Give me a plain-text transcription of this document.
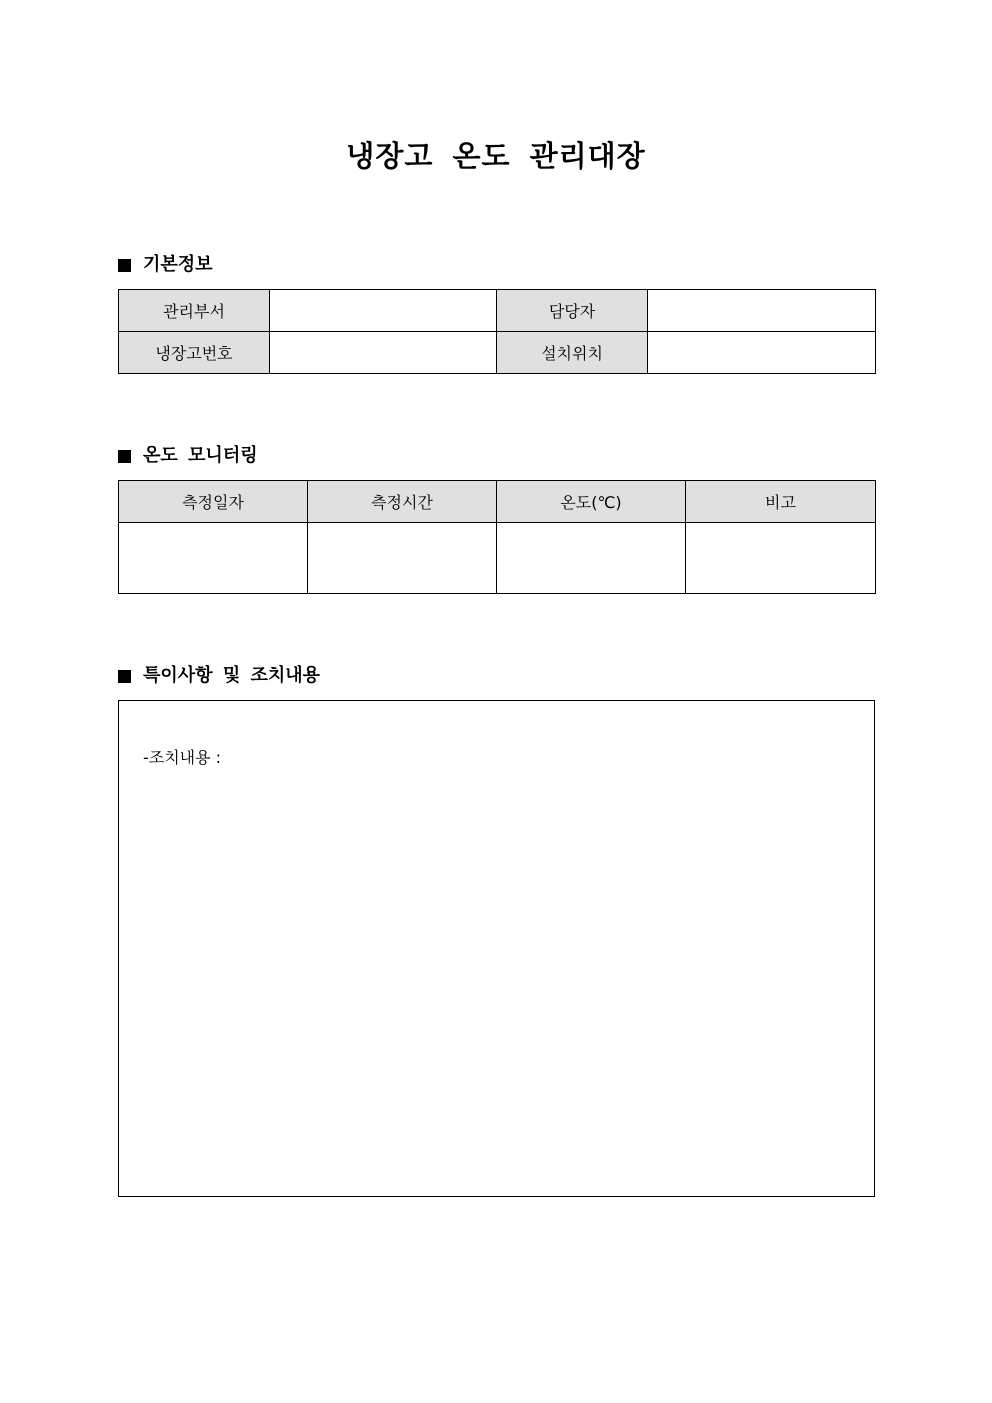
냉장고 온도 관리대장
기본정보
관리부서		담당자	
냉장고번호		설치위치	
온도 모니터링
측정일자	측정시간	온도(℃)	비고

특이사항 및 조치내용
-조치내용 :
